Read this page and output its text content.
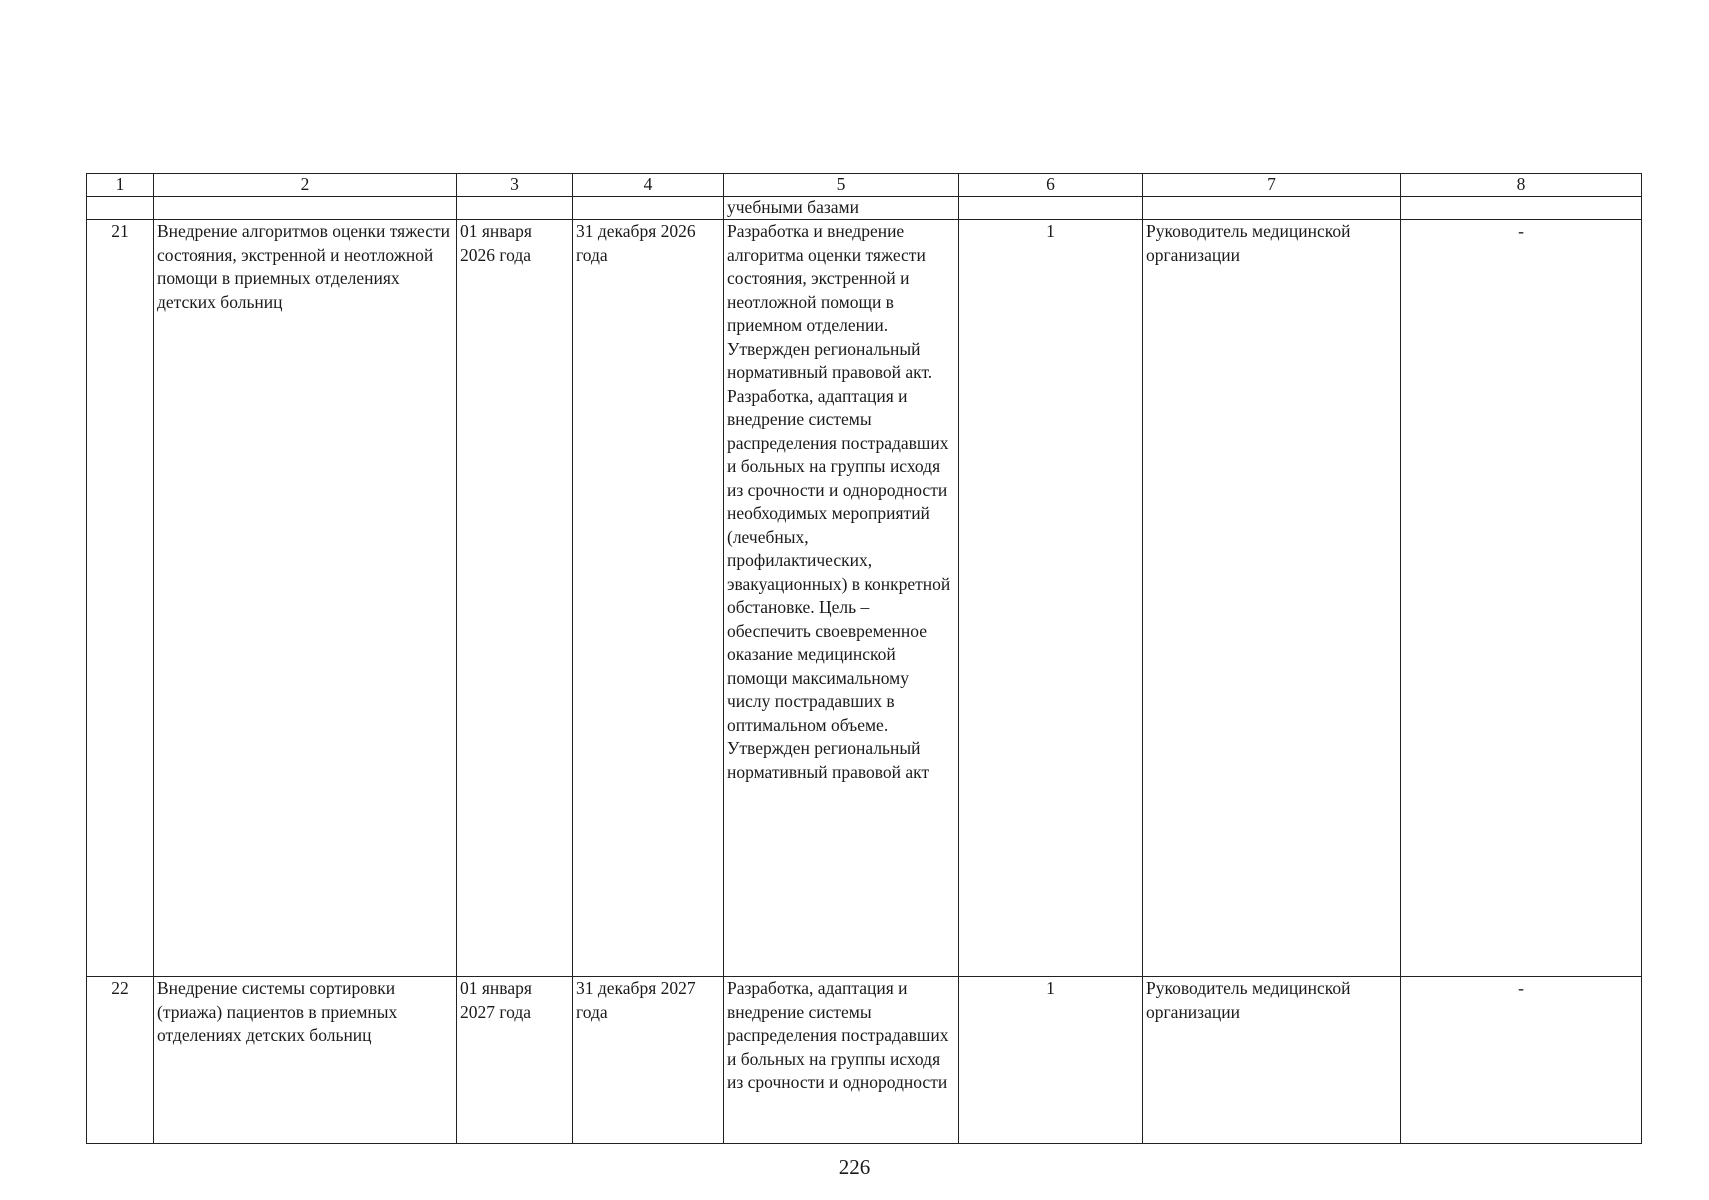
1	2	3	4	5	6	7	8
				учебными базами			
21	Внедрение алгоритмов оценки тяжести состояния, экстренной и неотложной помощи в приемных отделениях детских больниц	01 января 2026 года	31 декабря 2026 года	Разработка и внедрение алгоритма оценки тяжести состояния, экстренной и неотложной помощи в приемном отделении. Утвержден региональный нормативный правовой акт.
Разработка, адаптация и внедрение системы распределения пострадавших и больных на группы исходя из срочности и однородности необходимых мероприятий (лечебных, профилактических, эвакуационных) в конкретной обстановке. Цель – обеспечить своевременное оказание медицинской помощи максимальному числу пострадавших в оптимальном объеме. Утвержден региональный нормативный правовой акт	1	Руководитель медицинской организации	-
22	Внедрение системы сортировки (триажа) пациентов в приемных отделениях детских больниц	01 января 2027 года	31 декабря 2027 года	Разработка, адаптация и внедрение системы распределения пострадавших и больных на группы исходя из срочности и однородности	1	Руководитель медицинской организации	-
226
